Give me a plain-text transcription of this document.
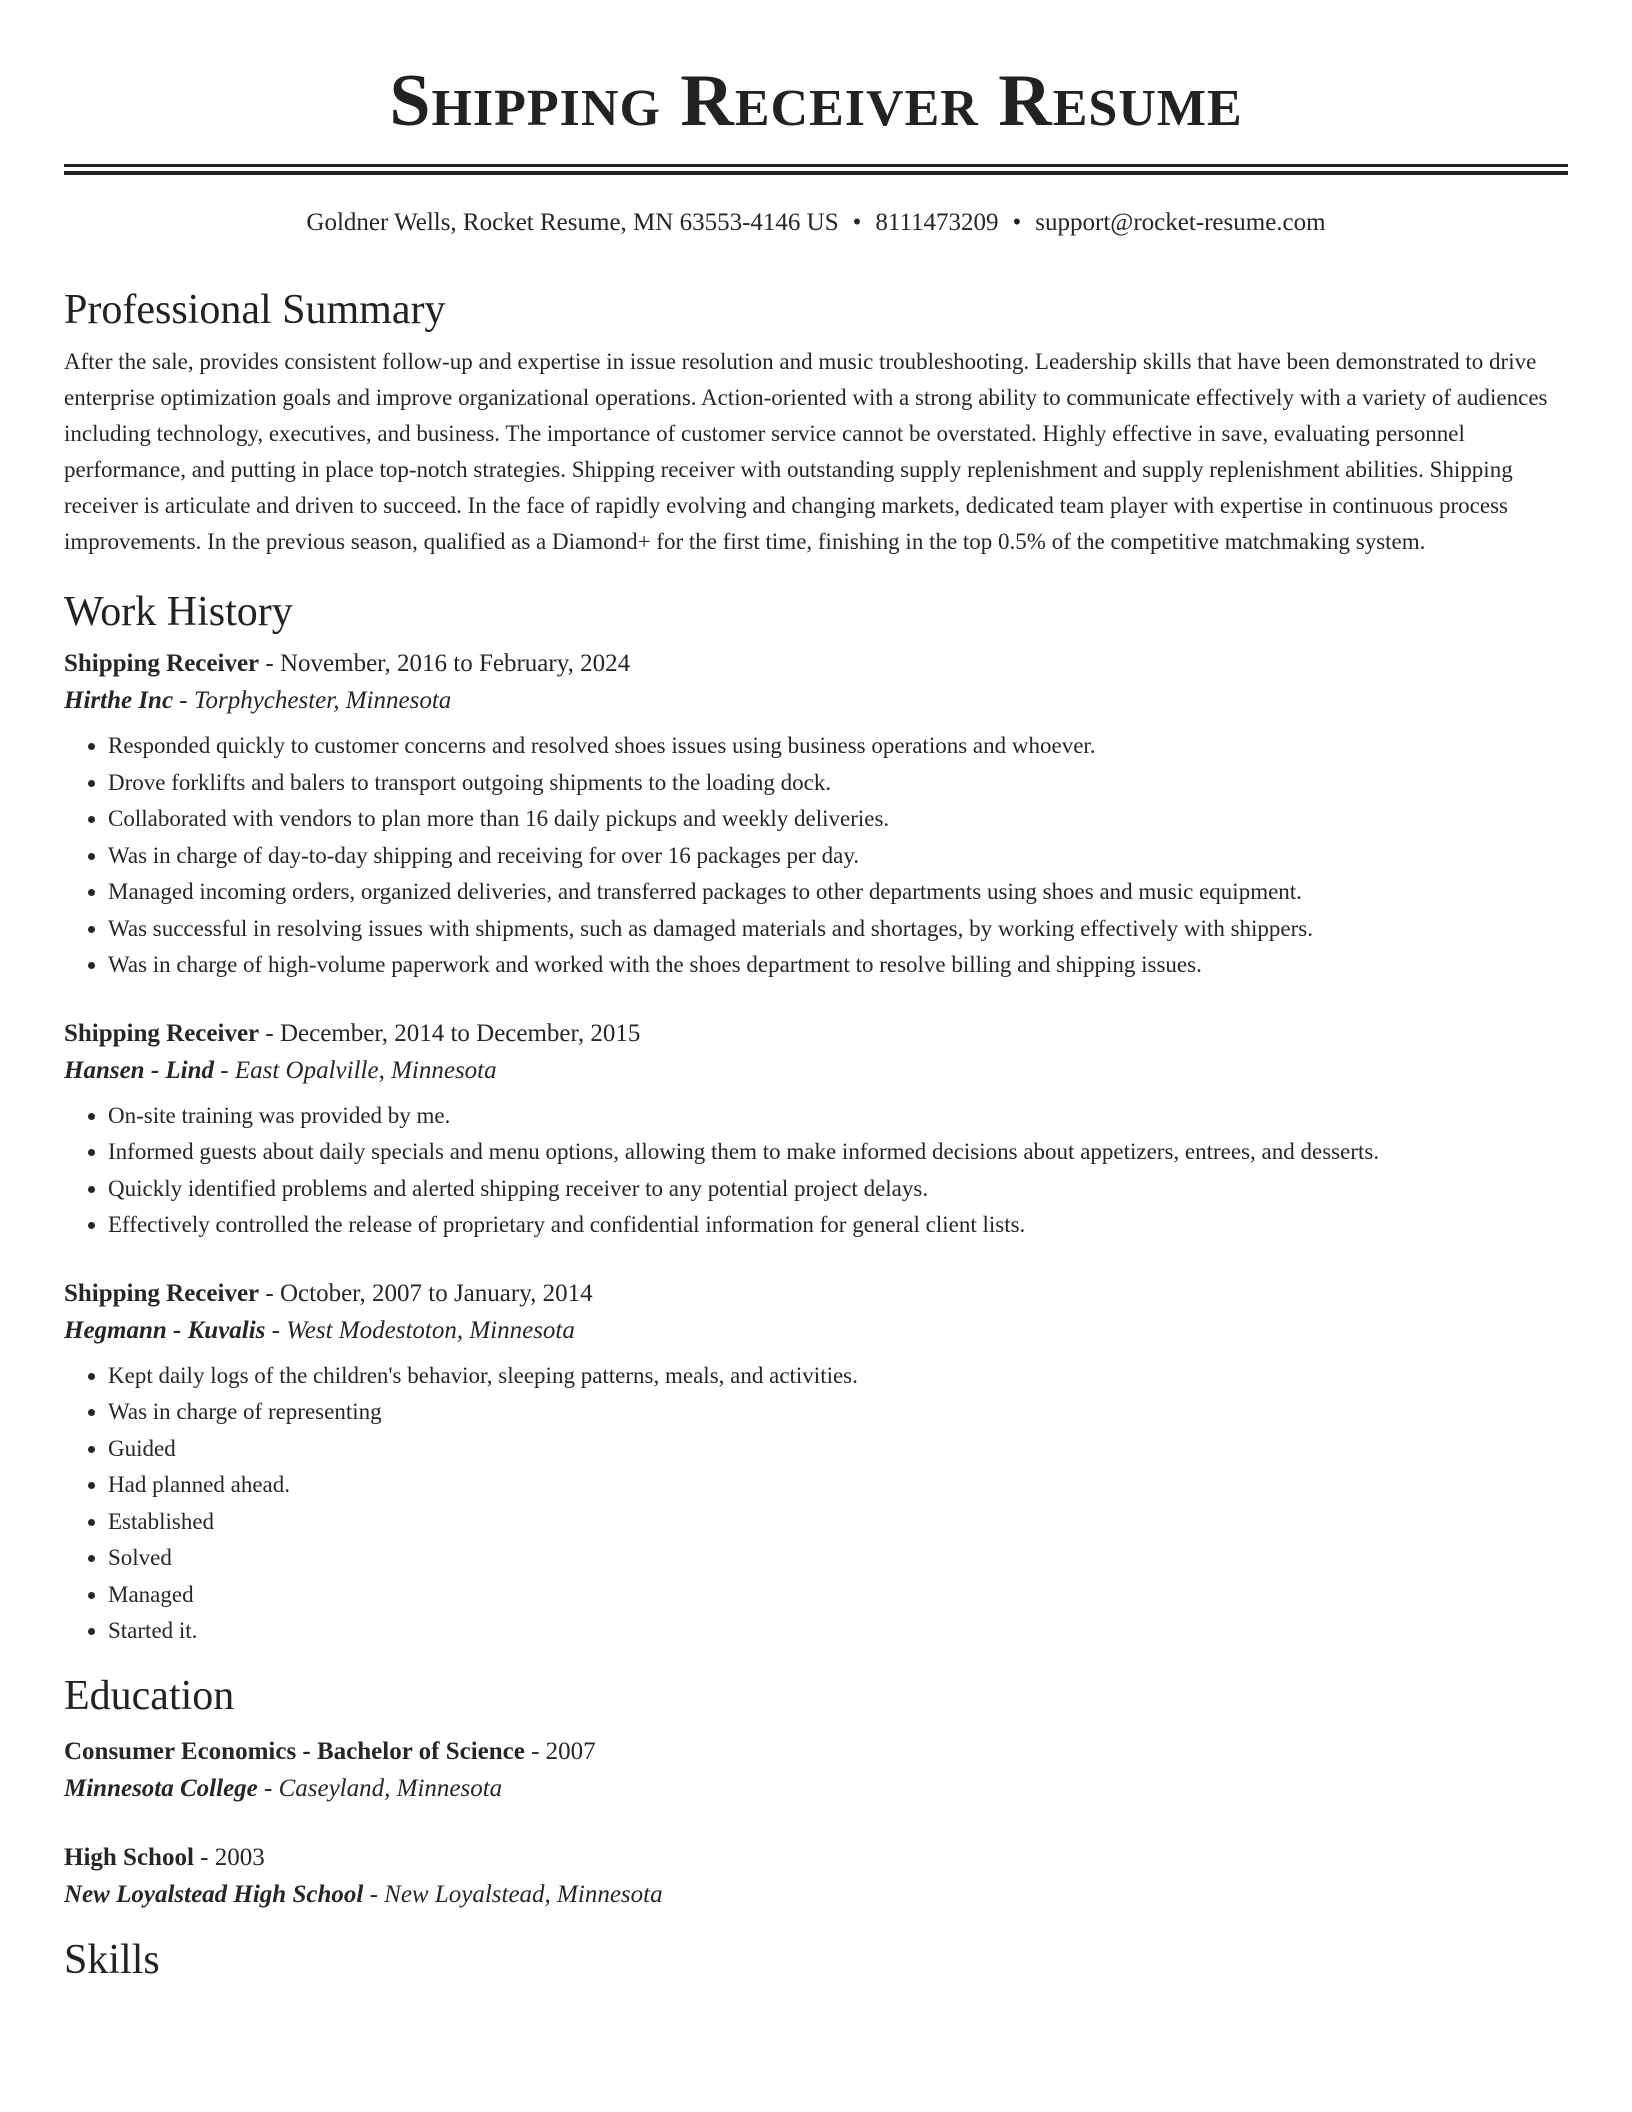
Shipping Receiver Resume
Goldner Wells, Rocket Resume, MN 63553-4146 US • 8111473209 • support@rocket-resume.com
Professional Summary

After the sale, provides consistent follow-up and expertise in issue resolution and music troubleshooting. Leadership skills that have been demonstrated to drive enterprise optimization goals and improve organizational operations. Action-oriented with a strong ability to communicate effectively with a variety of audiences including technology, executives, and business. The importance of customer service cannot be overstated. Highly effective in save, evaluating personnel performance, and putting in place top-notch strategies. Shipping receiver with outstanding supply replenishment and supply replenishment abilities. Shipping receiver is articulate and driven to succeed. In the face of rapidly evolving and changing markets, dedicated team player with expertise in continuous process improvements. In the previous season, qualified as a Diamond+ for the first time, finishing in the top 0.5% of the competitive matchmaking system.

Work History
Shipping Receiver - November, 2016 to February, 2024
Hirthe Inc - Torphychester, Minnesota
• Responded quickly to customer concerns and resolved shoes issues using business operations and whoever.
• Drove forklifts and balers to transport outgoing shipments to the loading dock.
• Collaborated with vendors to plan more than 16 daily pickups and weekly deliveries.
• Was in charge of day-to-day shipping and receiving for over 16 packages per day.
• Managed incoming orders, organized deliveries, and transferred packages to other departments using shoes and music equipment.
• Was successful in resolving issues with shipments, such as damaged materials and shortages, by working effectively with shippers.
• Was in charge of high-volume paperwork and worked with the shoes department to resolve billing and shipping issues.
Shipping Receiver - December, 2014 to December, 2015
Hansen - Lind - East Opalville, Minnesota
• On-site training was provided by me.
• Informed guests about daily specials and menu options, allowing them to make informed decisions about appetizers, entrees, and desserts.
• Quickly identified problems and alerted shipping receiver to any potential project delays.
• Effectively controlled the release of proprietary and confidential information for general client lists.
Shipping Receiver - October, 2007 to January, 2014
Hegmann - Kuvalis - West Modestoton, Minnesota
• Kept daily logs of the children's behavior, sleeping patterns, meals, and activities.
• Was in charge of representing
• Guided
• Had planned ahead.
• Established
• Solved
• Managed
• Started it.
Education
Consumer Economics - Bachelor of Science - 2007
Minnesota College - Caseyland, Minnesota
High School - 2003
New Loyalstead High School - New Loyalstead, Minnesota
Skills
